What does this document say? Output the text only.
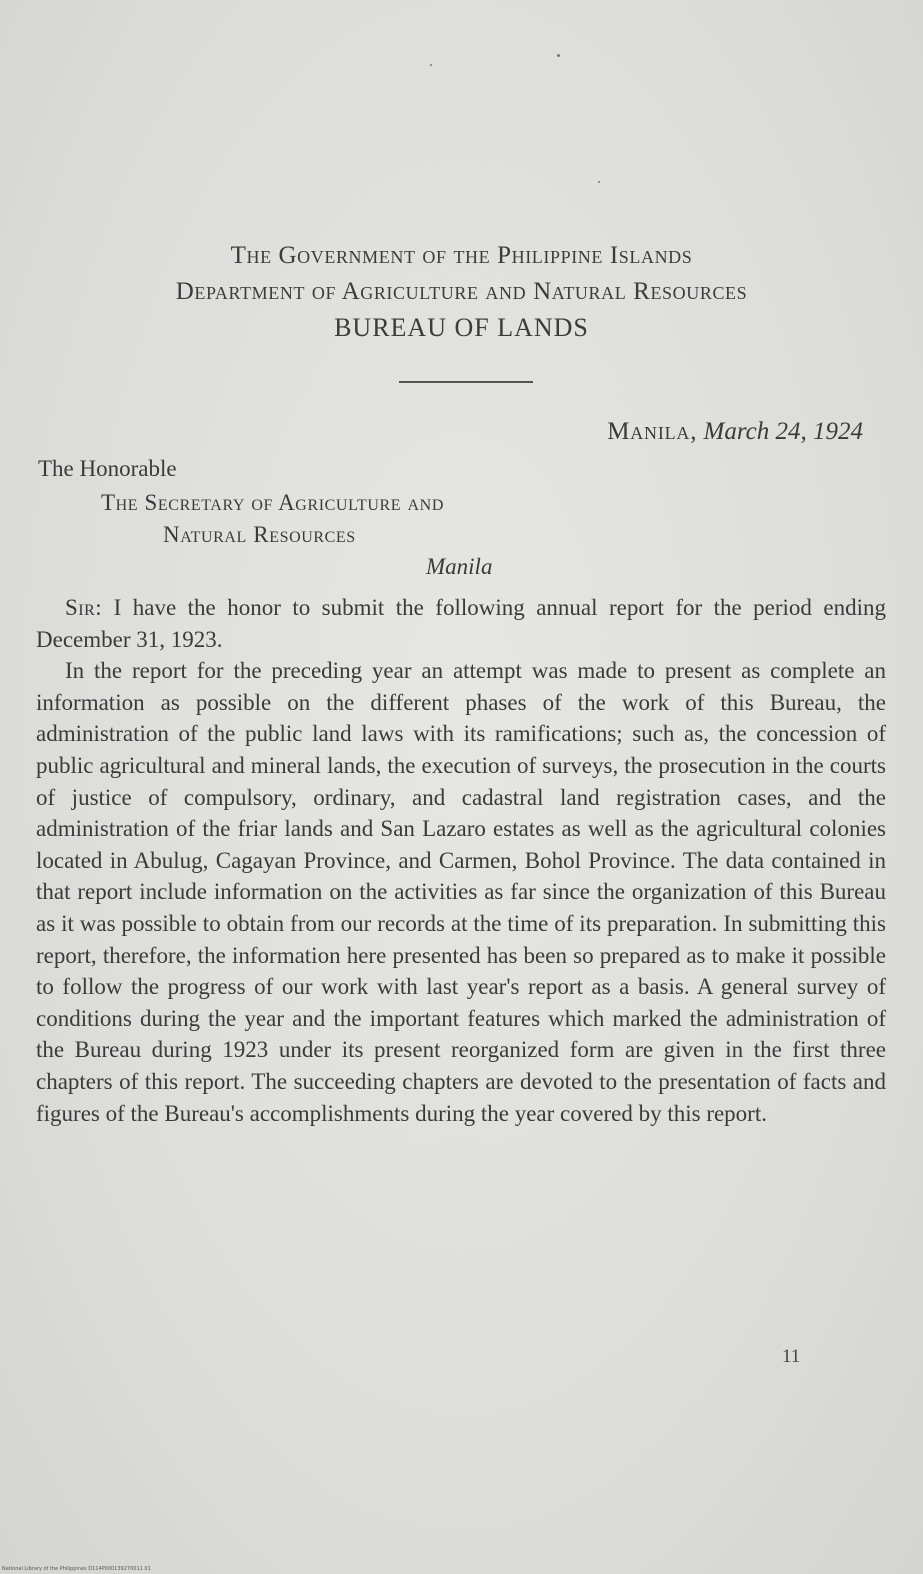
The Government of the Philippine Islands
Department of Agriculture and Natural Resources
BUREAU OF LANDS
Manila, March 24, 1924
The Honorable
The Secretary of Agriculture and
Natural Resources
Manila

Sir: I have the honor to submit the following annual report for the period ending December 31, 1923.

In the report for the preceding year an attempt was made to present as complete an information as possible on the different phases of the work of this Bureau, the administration of the public land laws with its ramifications; such as, the concession of public agricultural and mineral lands, the execution of surveys, the prosecution in the courts of justice of compulsory, ordinary, and cadastral land registration cases, and the administration of the friar lands and San Lazaro estates as well as the agricultural colonies located in Abulug, Cagayan Province, and Carmen, Bohol Province. The data contained in that report include information on the activities as far since the organization of this Bureau as it was possible to obtain from our records at the time of its preparation. In submitting this report, therefore, the information here presented has been so prepared as to make it possible to follow the progress of our work with last year's report as a basis. A general survey of conditions during the year and the important features which marked the administration of the Bureau during 1923 under its present reorganized form are given in the first three chapters of this report. The succeeding chapters are devoted to the presentation of facts and figures of the Bureau's accomplishments during the year covered by this report.

11
National Library of the Philippines D114P000139270011 01
